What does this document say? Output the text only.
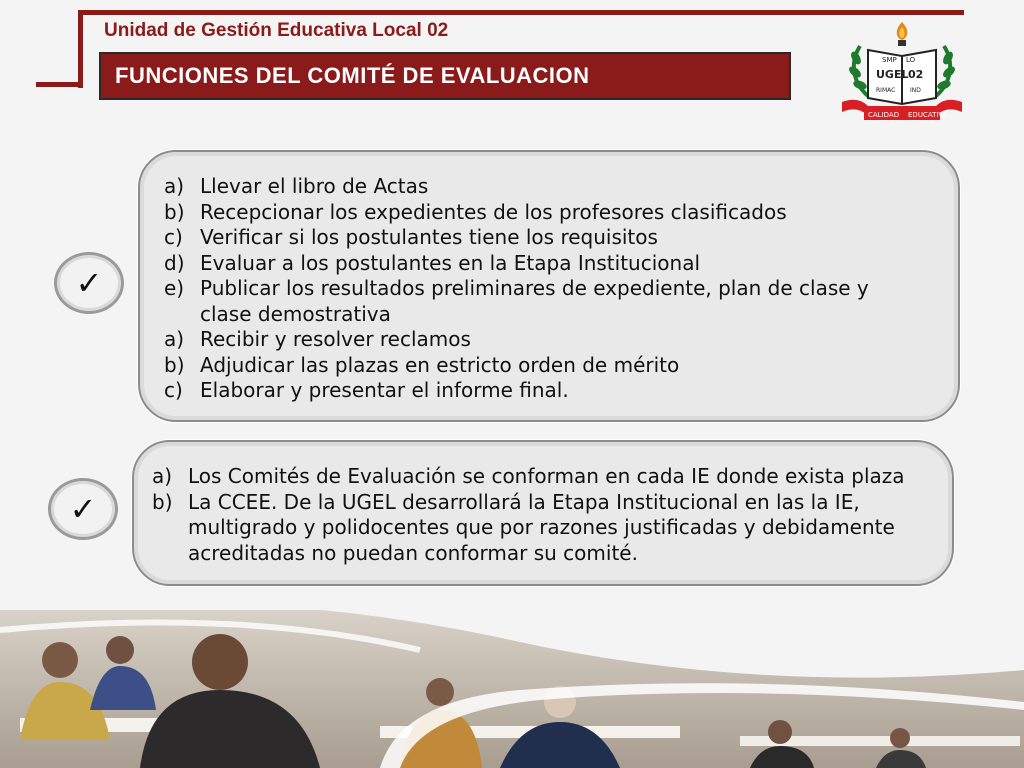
Unidad de Gestión Educativa Local 02
FUNCIONES DEL COMITÉ DE EVALUACION
SMP LO
UGEL 02
RIMAC IND
CALIDAD EDUCATIVA
✓
a) Llevar el libro de Actas
b) Recepcionar los expedientes de los profesores clasificados
c) Verificar si los postulantes tiene los requisitos
d) Evaluar a los postulantes en la Etapa Institucional
e) Publicar los resultados preliminares de expediente, plan de clase y clase demostrativa
a) Recibir y resolver reclamos
b) Adjudicar las plazas en estricto orden de mérito
c) Elaborar y presentar el informe final.
✓
a) Los Comités de Evaluación se conforman en cada IE donde exista plaza
b) La CCEE. De la UGEL desarrollará la Etapa Institucional en las la IE, multigrado y polidocentes que por razones justificadas y debidamente acreditadas no puedan conformar su comité.
